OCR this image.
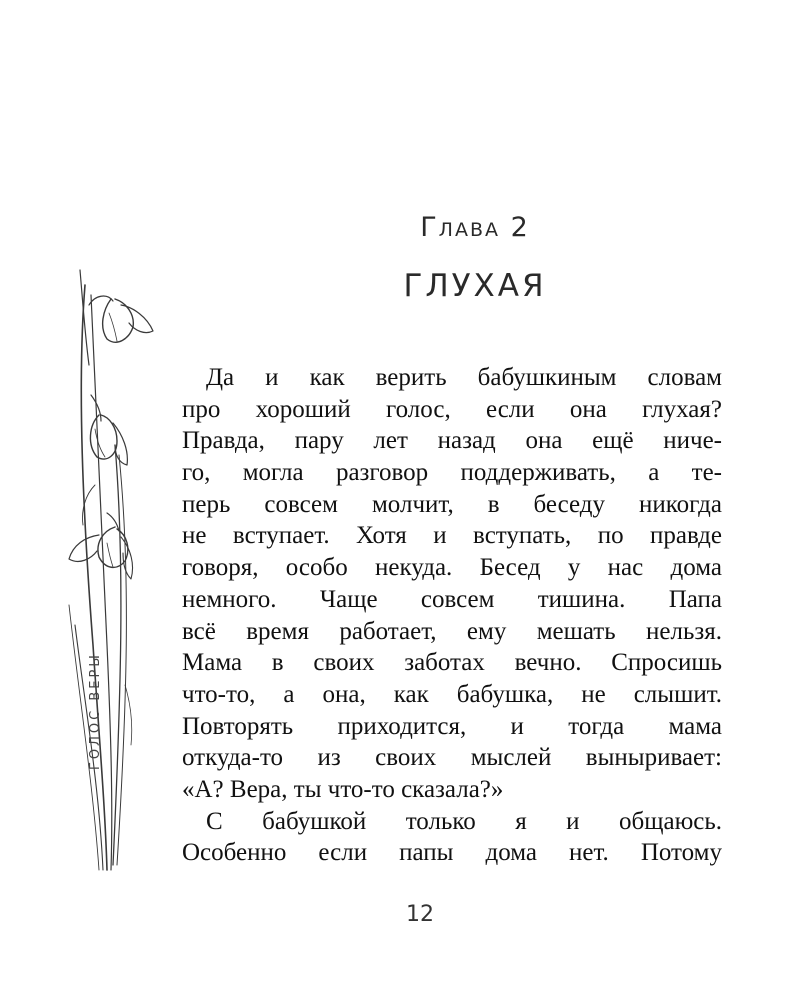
ГОЛОС ВЕРЫ
Глава 2
ГЛУХАЯ
Да и как верить бабушкиным словам
про хороший голос, если она глухая?
Правда, пару лет назад она ещё ниче-
го, могла разговор поддерживать, а те-
перь совсем молчит, в беседу никогда
не вступает. Хотя и вступать, по правде
говоря, особо некуда. Бесед у нас дома
немного. Чаще совсем тишина. Папа
всё время работает, ему мешать нельзя.
Мама в своих заботах вечно. Спросишь
что-то, а она, как бабушка, не слышит.
Повторять приходится, и тогда мама
откуда-то из своих мыслей выныривает:
«А? Вера, ты что-то сказала?»
С бабушкой только я и общаюсь.
Особенно если папы дома нет. Потому
12
